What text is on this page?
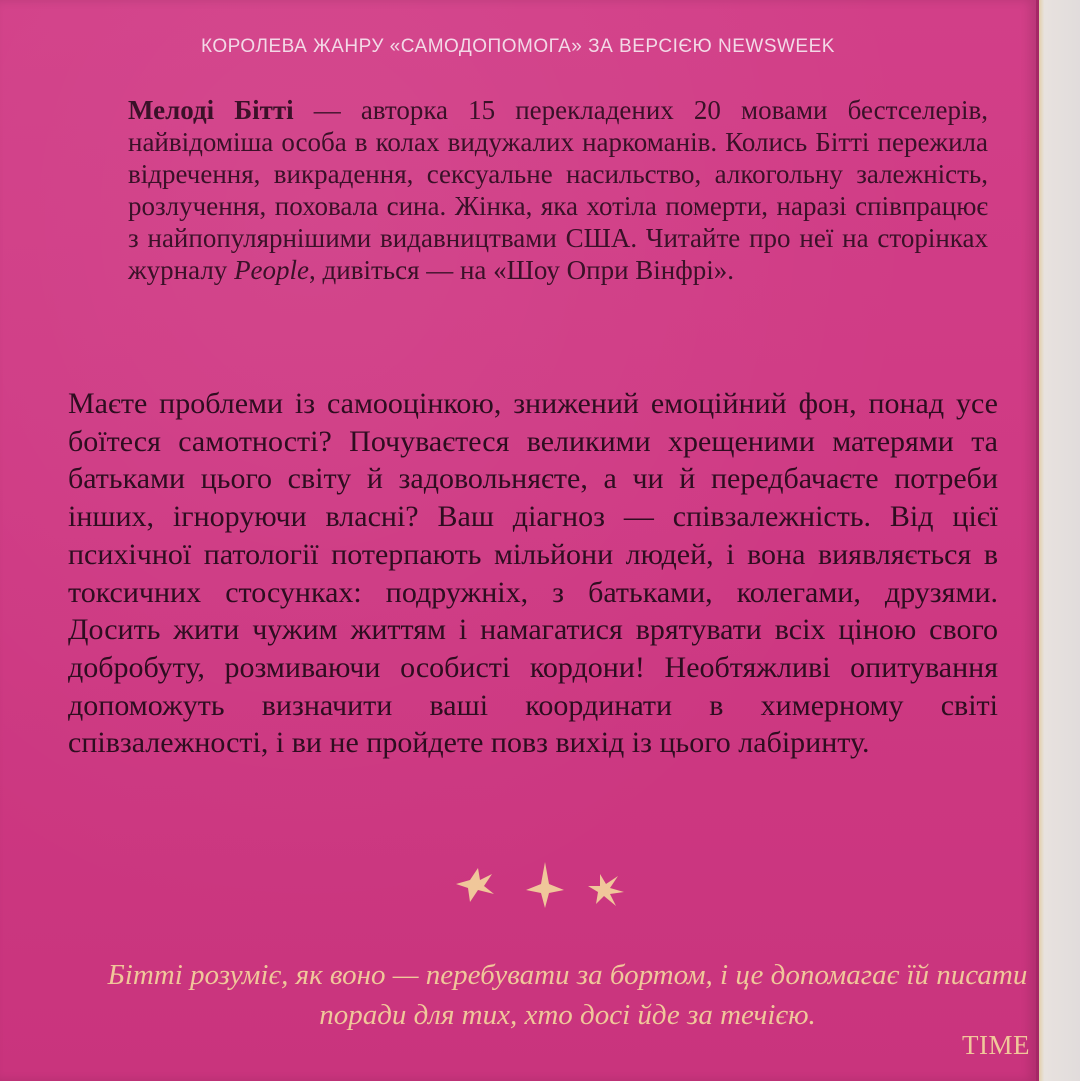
КОРОЛЕВА ЖАНРУ «САМОДОПОМОГА» ЗА ВЕРСІЄЮ NEWSWEEK
Мелоді Бітті — авторка 15 перекладених 20 мовами бестселерів, найвідоміша особа в колах видужалих наркоманів. Колись Бітті пережила відречення, викрадення, сексуальне насильство, алкогольну залежність, розлучення, поховала сина. Жінка, яка хотіла померти, наразі співпрацює з найпопулярнішими видавництвами США. Читайте про неї на сторінках журналу People, дивіться — на «Шоу Опри Вінфрі».
Маєте проблеми із самооцінкою, знижений емоційний фон, понад усе боїтеся самотності? Почуваєтеся великими хрещеними матерями та батьками цього світу й задовольняєте, а чи й передбачаєте потреби інших, ігноруючи власні? Ваш діагноз — співзалежність. Від цієї психічної патології потерпають мільйони людей, і вона виявляється в токсичних стосунках: подружніх, з батьками, колегами, друзями. Досить жити чужим життям і намагатися врятувати всіх ціною свого добробуту, розмиваючи особисті кордони! Необтяжливі опитування допоможуть визначити ваші координати в химерному світі співзалежності, і ви не пройдете повз вихід із цього лабіринту.
Бітті розуміє, як воно — перебувати за бортом, і це допомагає їй писати поради для тих, хто досі йде за течією.
TIME
